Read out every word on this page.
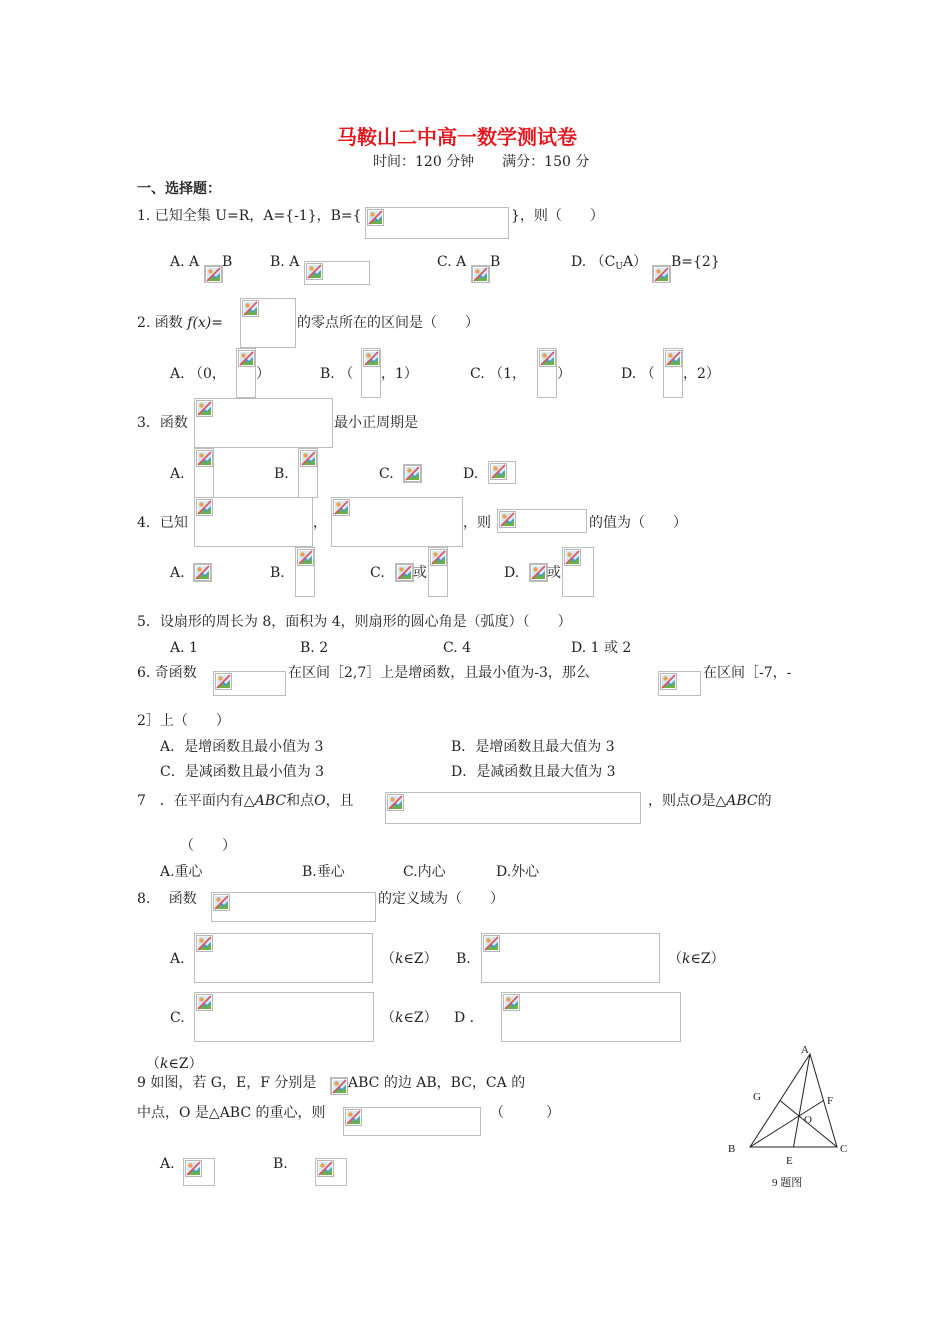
马鞍山二中高一数学测试卷
时间：120 分钟　　满分：150 分
一、选择题：
1. 已知全集 U=R，A={-1}，B={	}，则（　　）
A. A B	B. A	C. A B	D. $(C_UA)$ B={2}
2. 函数 f(x)=	的零点所在的区间是（　　）
A. （0， ）	B. （ ，1）	C. （1， ）	D. （ ，2）
3．函数	最小正周期是
A.	B.	C.	D.
4．已知	，	，则	的值为（　　）
A.	B.	C. 或	D. 或
5．设扇形的周长为 8，面积为 4，则扇形的圆心角是（弧度）（　　）
A. 1	B. 2	C. 4	D. 1 或 2
6. 奇函数	在区间［2,7］上是增函数，且最小值为-3，那么	在区间［-7，-
2］上（　　）
A．是增函数且最小值为 3	B．是增函数且最大值为 3
C．是减函数且最小值为 3	D．是减函数且最大值为 3
7　．在平面内有△ABC和点O，且	，则点O是△ABC的
（　　）
A.重心	B.垂心	C.内心	D.外心
8.　 函数	的定义域为（　　）
A.	（k∈Z） B.	（k∈Z）
C.	（k∈Z） D ．
（k∈Z）
9 如图，若 G，E，F 分别是 ABC 的边 AB，BC，CA 的
中点，O 是△ABC 的重心，则	（　　　）
A.	B.
A
B	C
G	F
E
O
9 题图
